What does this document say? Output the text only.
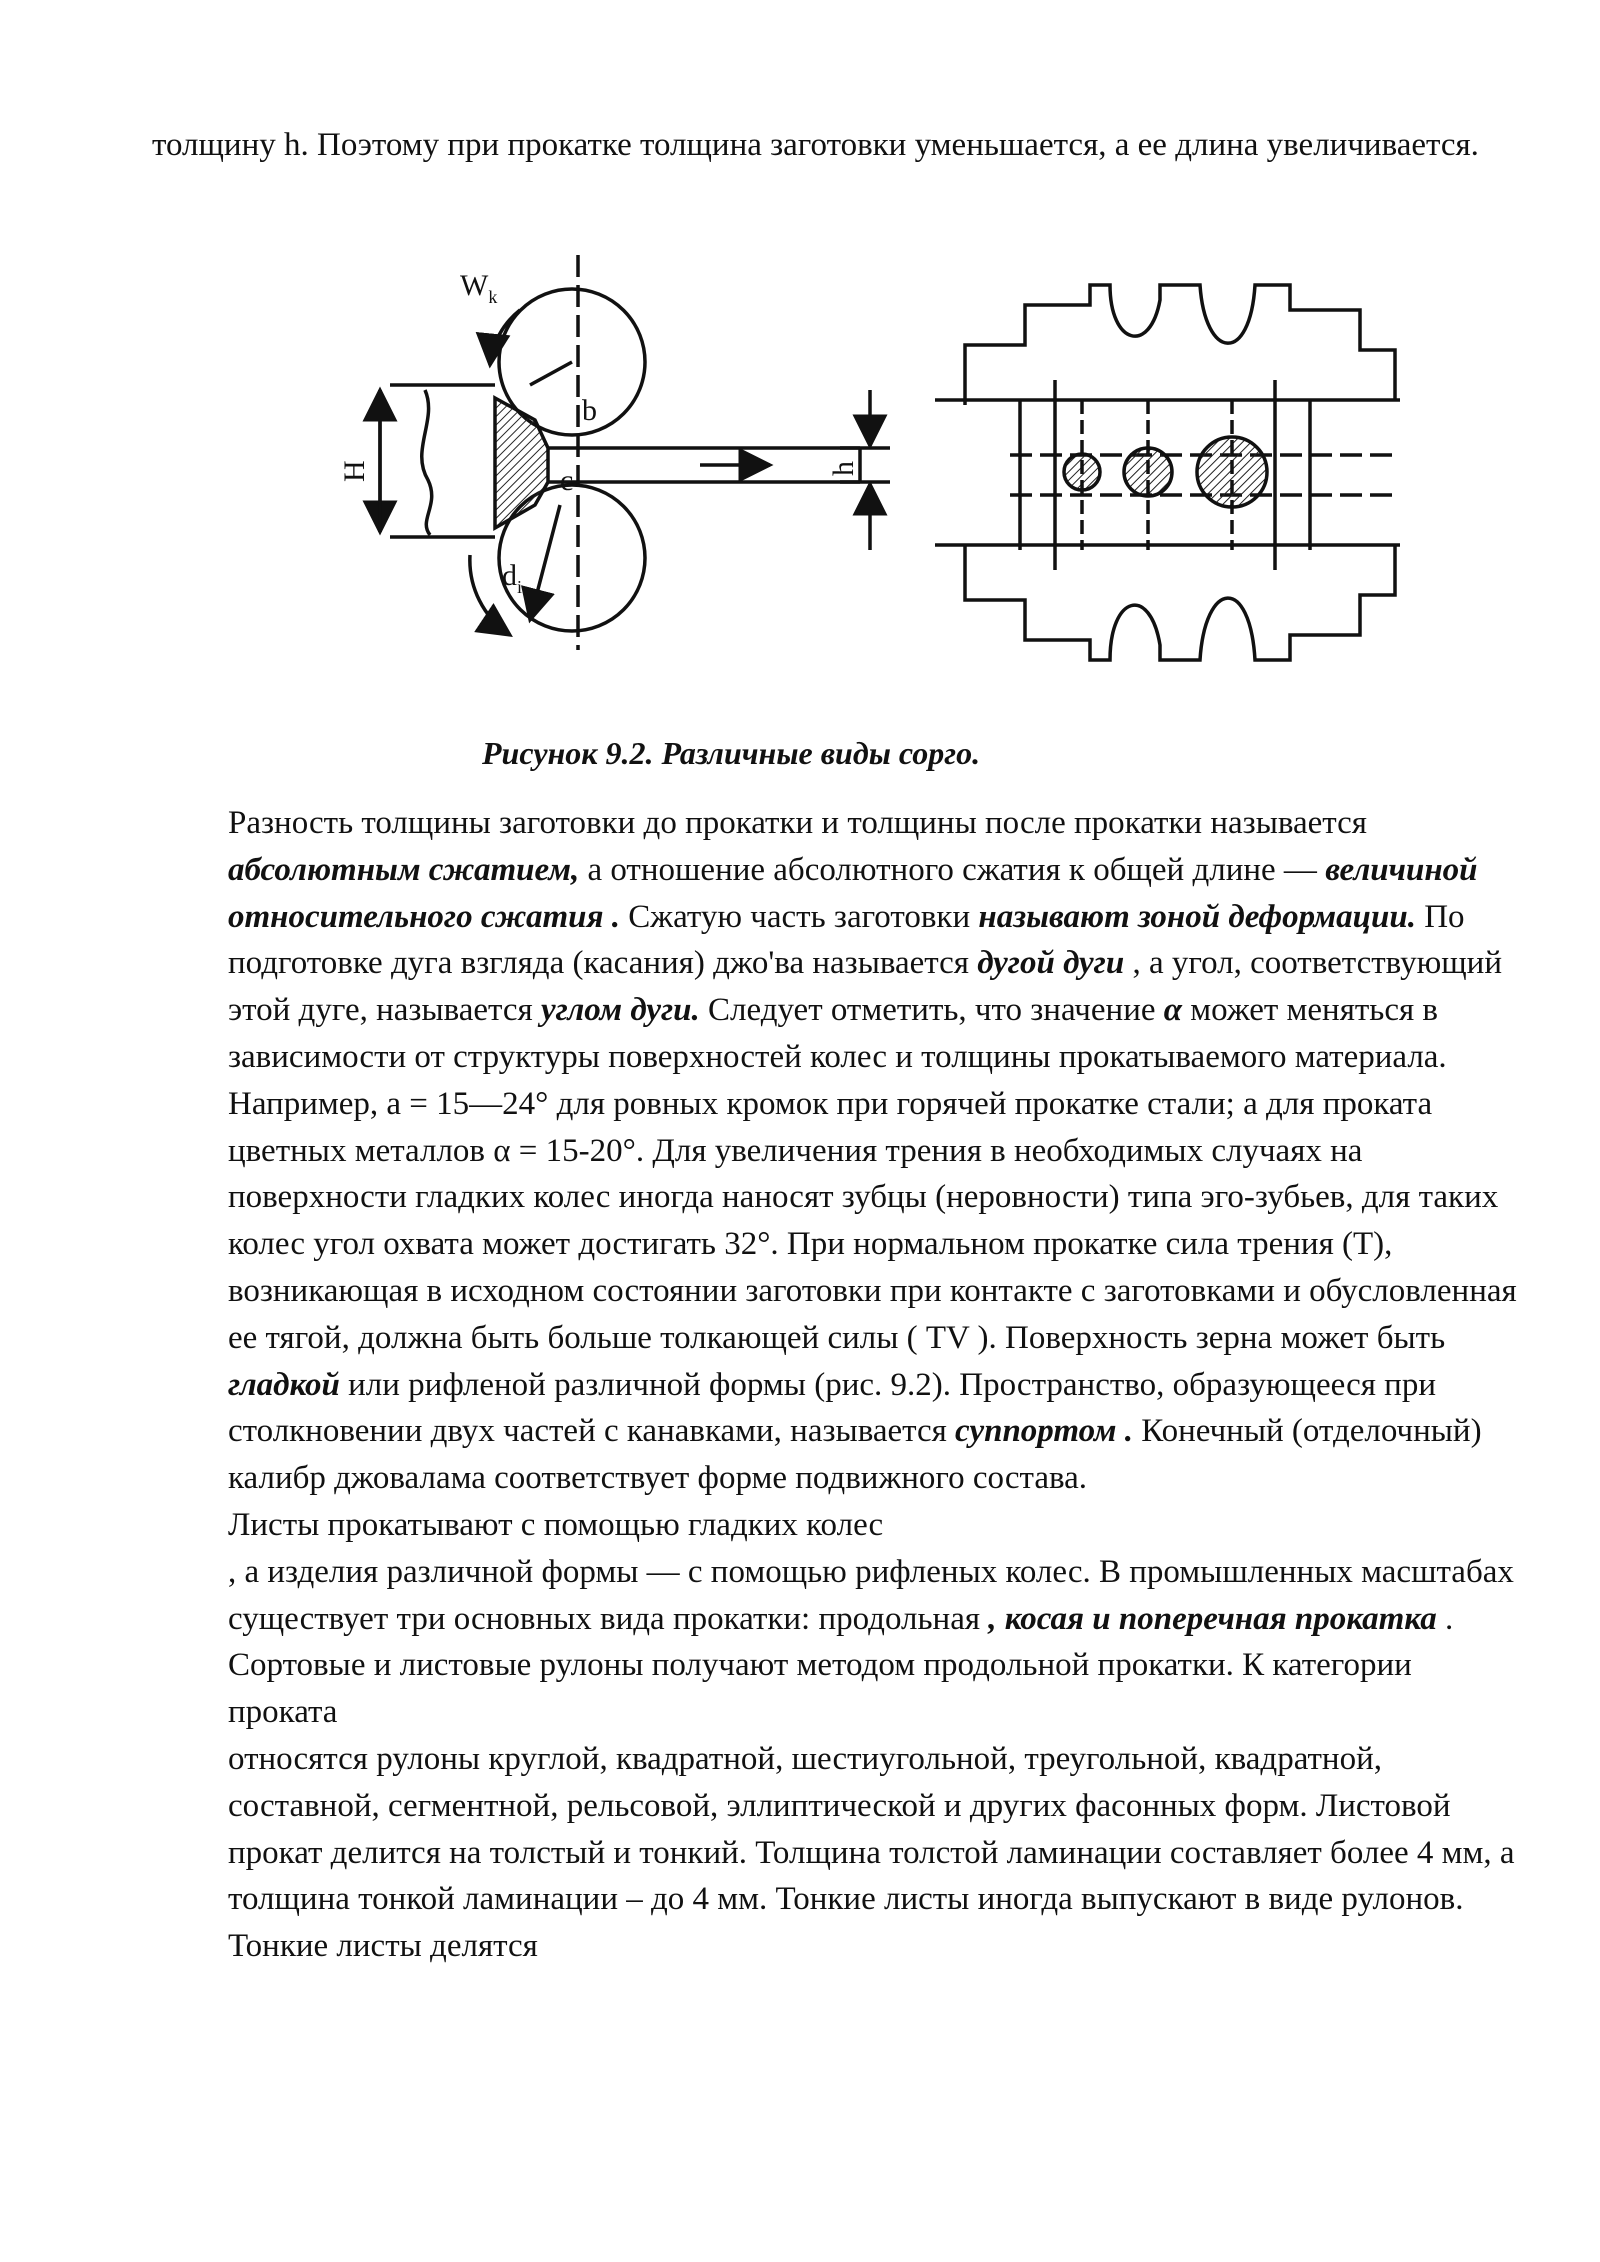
толщину h. Поэтому при прокатке толщина заготовки уменьшается, а ее длина увеличивается.
$W_k$
b
c
$d_i$
H	h
Рисунок 9.2. Различные виды сорго.

Разность толщины заготовки до прокатки и толщины после прокатки называется абсолютным сжатием, а отношение абсолютного сжатия к общей длине — величиной относительного сжатия . Сжатую часть заготовки называют зоной деформации. По подготовке дуга взгляда (касания) джо'ва называется дугой дуги , а угол, соответствующий этой дуге, называется углом дуги. Следует отметить, что значение α может меняться в зависимости от структуры поверхностей колес и толщины прокатываемого материала.

Например, a = 15—24° для ровных кромок при горячей прокатке стали; а для проката цветных металлов α = 15-20°. Для увеличения трения в необходимых случаях на поверхности гладких колес иногда наносят зубцы (неровности) типа эго-зубьев, для таких колес угол охвата может достигать 32°. При нормальном прокатке сила трения (T), возникающая в исходном состоянии заготовки при контакте с заготовками и обусловленная ее тягой, должна быть больше толкающей силы ( TV ). Поверхность зерна может быть гладкой или рифленой различной формы (рис. 9.2). Пространство, образующееся при столкновении двух частей с канавками, называется суппортом . Конечный (отделочный) калибр джовалама соответствует форме подвижного состава.

Листы прокатывают с помощью гладких колес

, а изделия различной формы — с помощью рифленых колес. В промышленных масштабах существует три основных вида прокатки: продольная , косая и поперечная прокатка . Сортовые и листовые рулоны получают методом продольной прокатки. К категории проката

относятся рулоны круглой, квадратной, шестиугольной, треугольной, квадратной, составной, сегментной, рельсовой, эллиптической и других фасонных форм. Листовой прокат делится на толстый и тонкий. Толщина толстой ламинации составляет более 4 мм, а толщина тонкой ламинации – до 4 мм. Тонкие листы иногда выпускают в виде рулонов. Тонкие листы делятся
